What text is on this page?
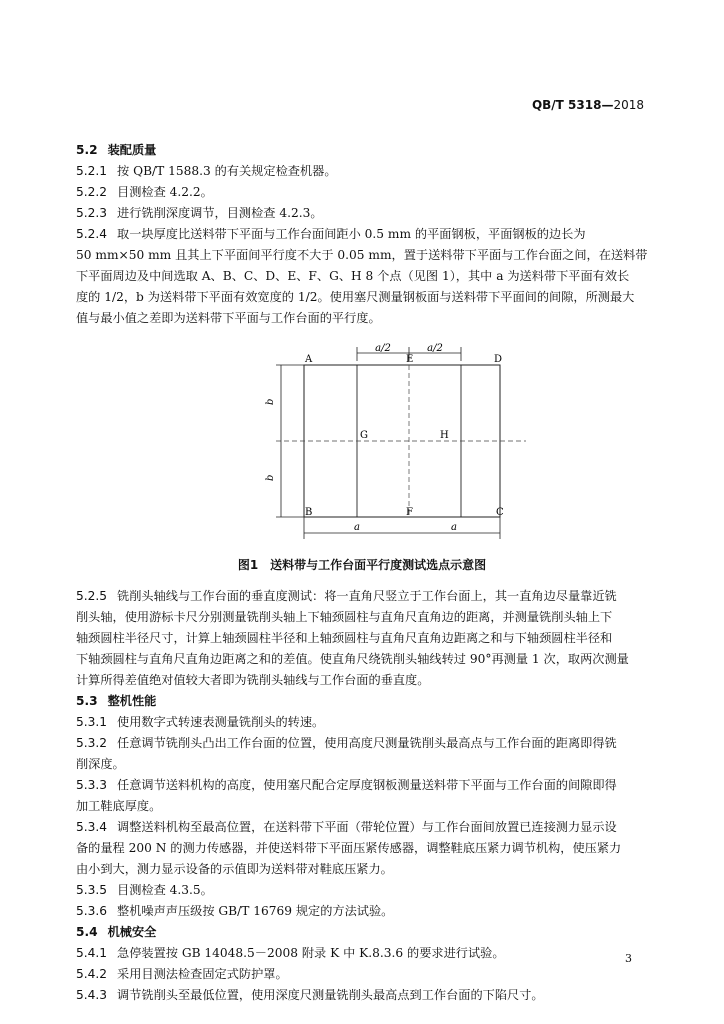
QB/T 5318—2018
5.2 装配质量
5.2.1 按 QB/T 1588.3 的有关规定检查机器。
5.2.2 目测检查 4.2.2。
5.2.3 进行铣削深度调节，目测检查 4.2.3。
5.2.4 取一块厚度比送料带下平面与工作台面间距小 0.5 mm 的平面钢板，平面钢板的边长为
50 mm×50 mm 且其上下平面间平行度不大于 0.05 mm，置于送料带下平面与工作台面之间，在送料带
下平面周边及中间选取 A、B、C、D、E、F、G、H 8 个点（见图 1），其中 a 为送料带下平面有效长
度的 1/2，b 为送料带下平面有效宽度的 1/2。使用塞尺测量钢板面与送料带下平面间的间隙，所测最大
值与最小值之差即为送料带下平面与工作台面的平行度。
a/2	a/2
b
b
a	a
A	E	D
G	H
B	F	C
图1　送料带与工作台面平行度测试选点示意图
5.2.5 铣削头轴线与工作台面的垂直度测试：将一直角尺竖立于工作台面上，其一直角边尽量靠近铣
削头轴，使用游标卡尺分别测量铣削头轴上下轴颈圆柱与直角尺直角边的距离，并测量铣削头轴上下
轴颈圆柱半径尺寸，计算上轴颈圆柱半径和上轴颈圆柱与直角尺直角边距离之和与下轴颈圆柱半径和
下轴颈圆柱与直角尺直角边距离之和的差值。使直角尺绕铣削头轴线转过 90°再测量 1 次，取两次测量
计算所得差值绝对值较大者即为铣削头轴线与工作台面的垂直度。
5.3 整机性能
5.3.1 使用数字式转速表测量铣削头的转速。
5.3.2 任意调节铣削头凸出工作台面的位置，使用高度尺测量铣削头最高点与工作台面的距离即得铣
削深度。
5.3.3 任意调节送料机构的高度，使用塞尺配合定厚度钢板测量送料带下平面与工作台面的间隙即得
加工鞋底厚度。
5.3.4 调整送料机构至最高位置，在送料带下平面（带轮位置）与工作台面间放置已连接测力显示设
备的量程 200 N 的测力传感器，并使送料带下平面压紧传感器，调整鞋底压紧力调节机构，使压紧力
由小到大，测力显示设备的示值即为送料带对鞋底压紧力。
5.3.5 目测检查 4.3.5。
5.3.6 整机噪声声压级按 GB/T 16769 规定的方法试验。
5.4 机械安全
5.4.1 急停装置按 GB 14048.5－2008 附录 K 中 K.8.3.6 的要求进行试验。
5.4.2 采用目测法检查固定式防护罩。
5.4.3 调节铣削头至最低位置，使用深度尺测量铣削头最高点到工作台面的下陷尺寸。
3
